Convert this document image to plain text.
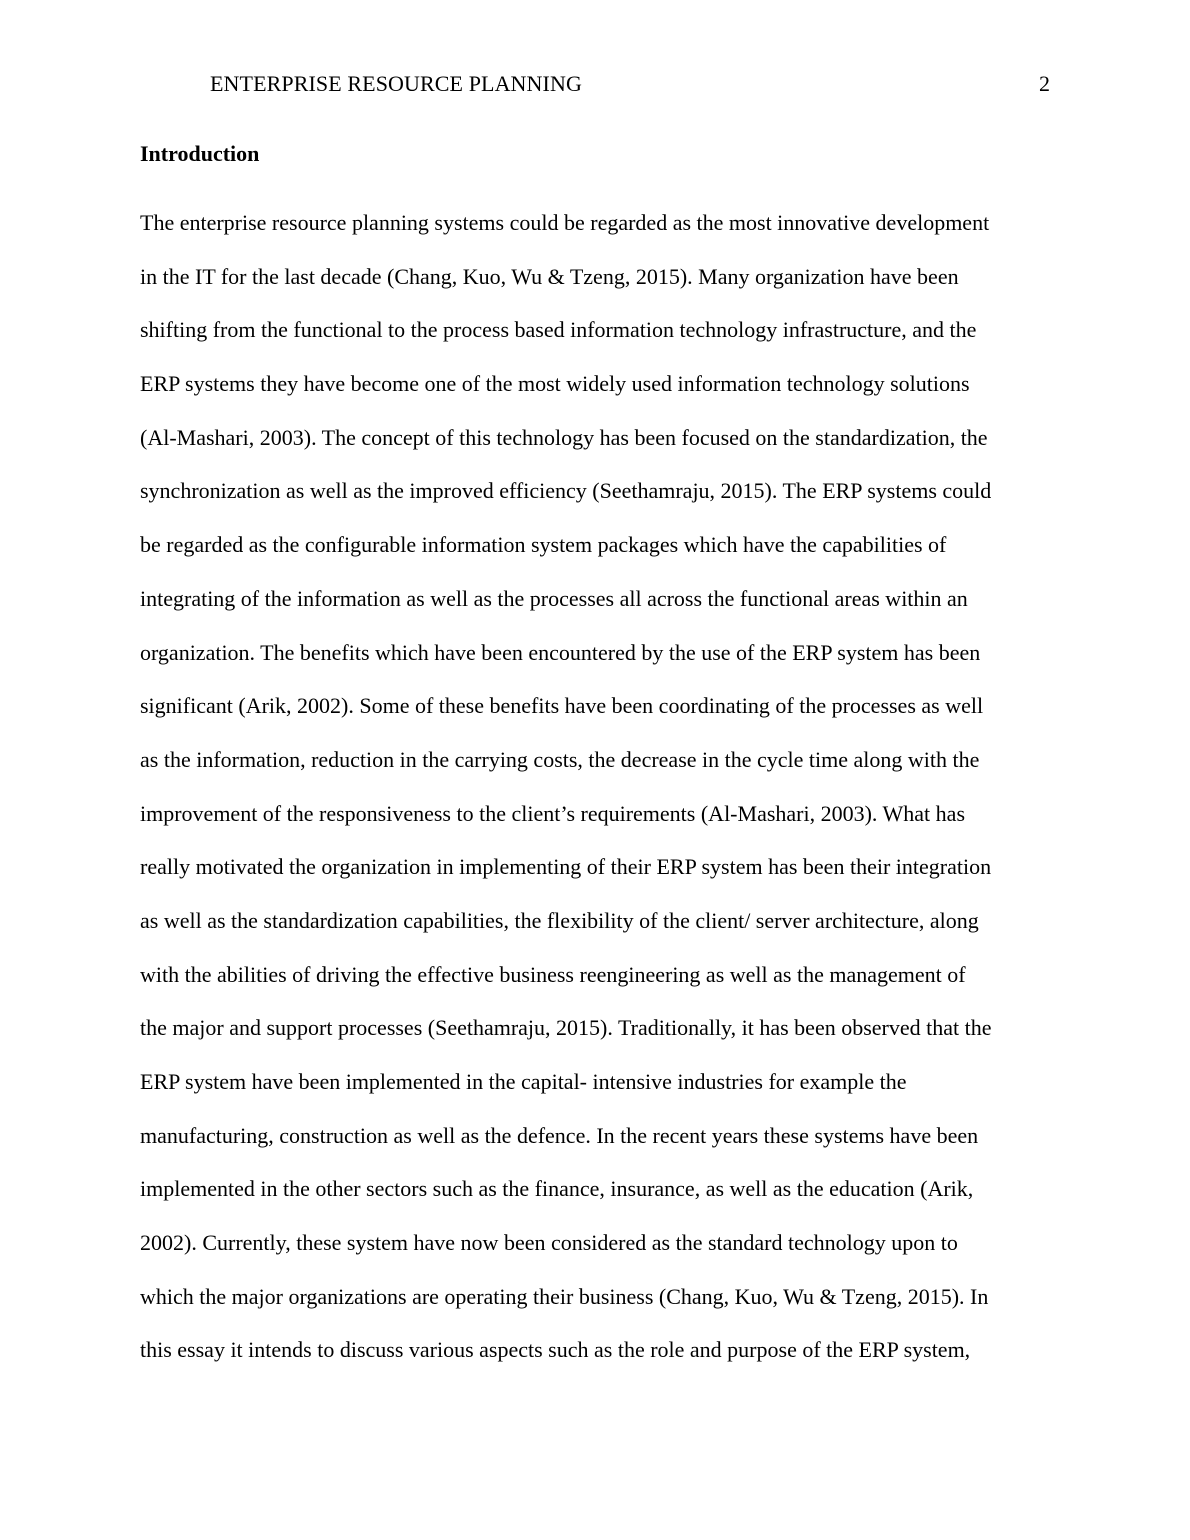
ENTERPRISE RESOURCE PLANNING	2
Introduction
The enterprise resource planning systems could be regarded as the most innovative development
in the IT for the last decade (Chang, Kuo, Wu & Tzeng, 2015). Many organization have been
shifting from the functional to the process based information technology infrastructure, and the
ERP systems they have become one of the most widely used information technology solutions
(Al-Mashari, 2003). The concept of this technology has been focused on the standardization, the
synchronization as well as the improved efficiency (Seethamraju, 2015). The ERP systems could
be regarded as the configurable information system packages which have the capabilities of
integrating of the information as well as the processes all across the functional areas within an
organization. The benefits which have been encountered by the use of the ERP system has been
significant (Arik, 2002). Some of these benefits have been coordinating of the processes as well
as the information, reduction in the carrying costs, the decrease in the cycle time along with the
improvement of the responsiveness to the client’s requirements (Al-Mashari, 2003). What has
really motivated the organization in implementing of their ERP system has been their integration
as well as the standardization capabilities, the flexibility of the client/ server architecture, along
with the abilities of driving the effective business reengineering as well as the management of
the major and support processes (Seethamraju, 2015). Traditionally, it has been observed that the
ERP system have been implemented in the capital- intensive industries for example the
manufacturing, construction as well as the defence. In the recent years these systems have been
implemented in the other sectors such as the finance, insurance, as well as the education (Arik,
2002). Currently, these system have now been considered as the standard technology upon to
which the major organizations are operating their business (Chang, Kuo, Wu & Tzeng, 2015). In
this essay it intends to discuss various aspects such as the role and purpose of the ERP system,
